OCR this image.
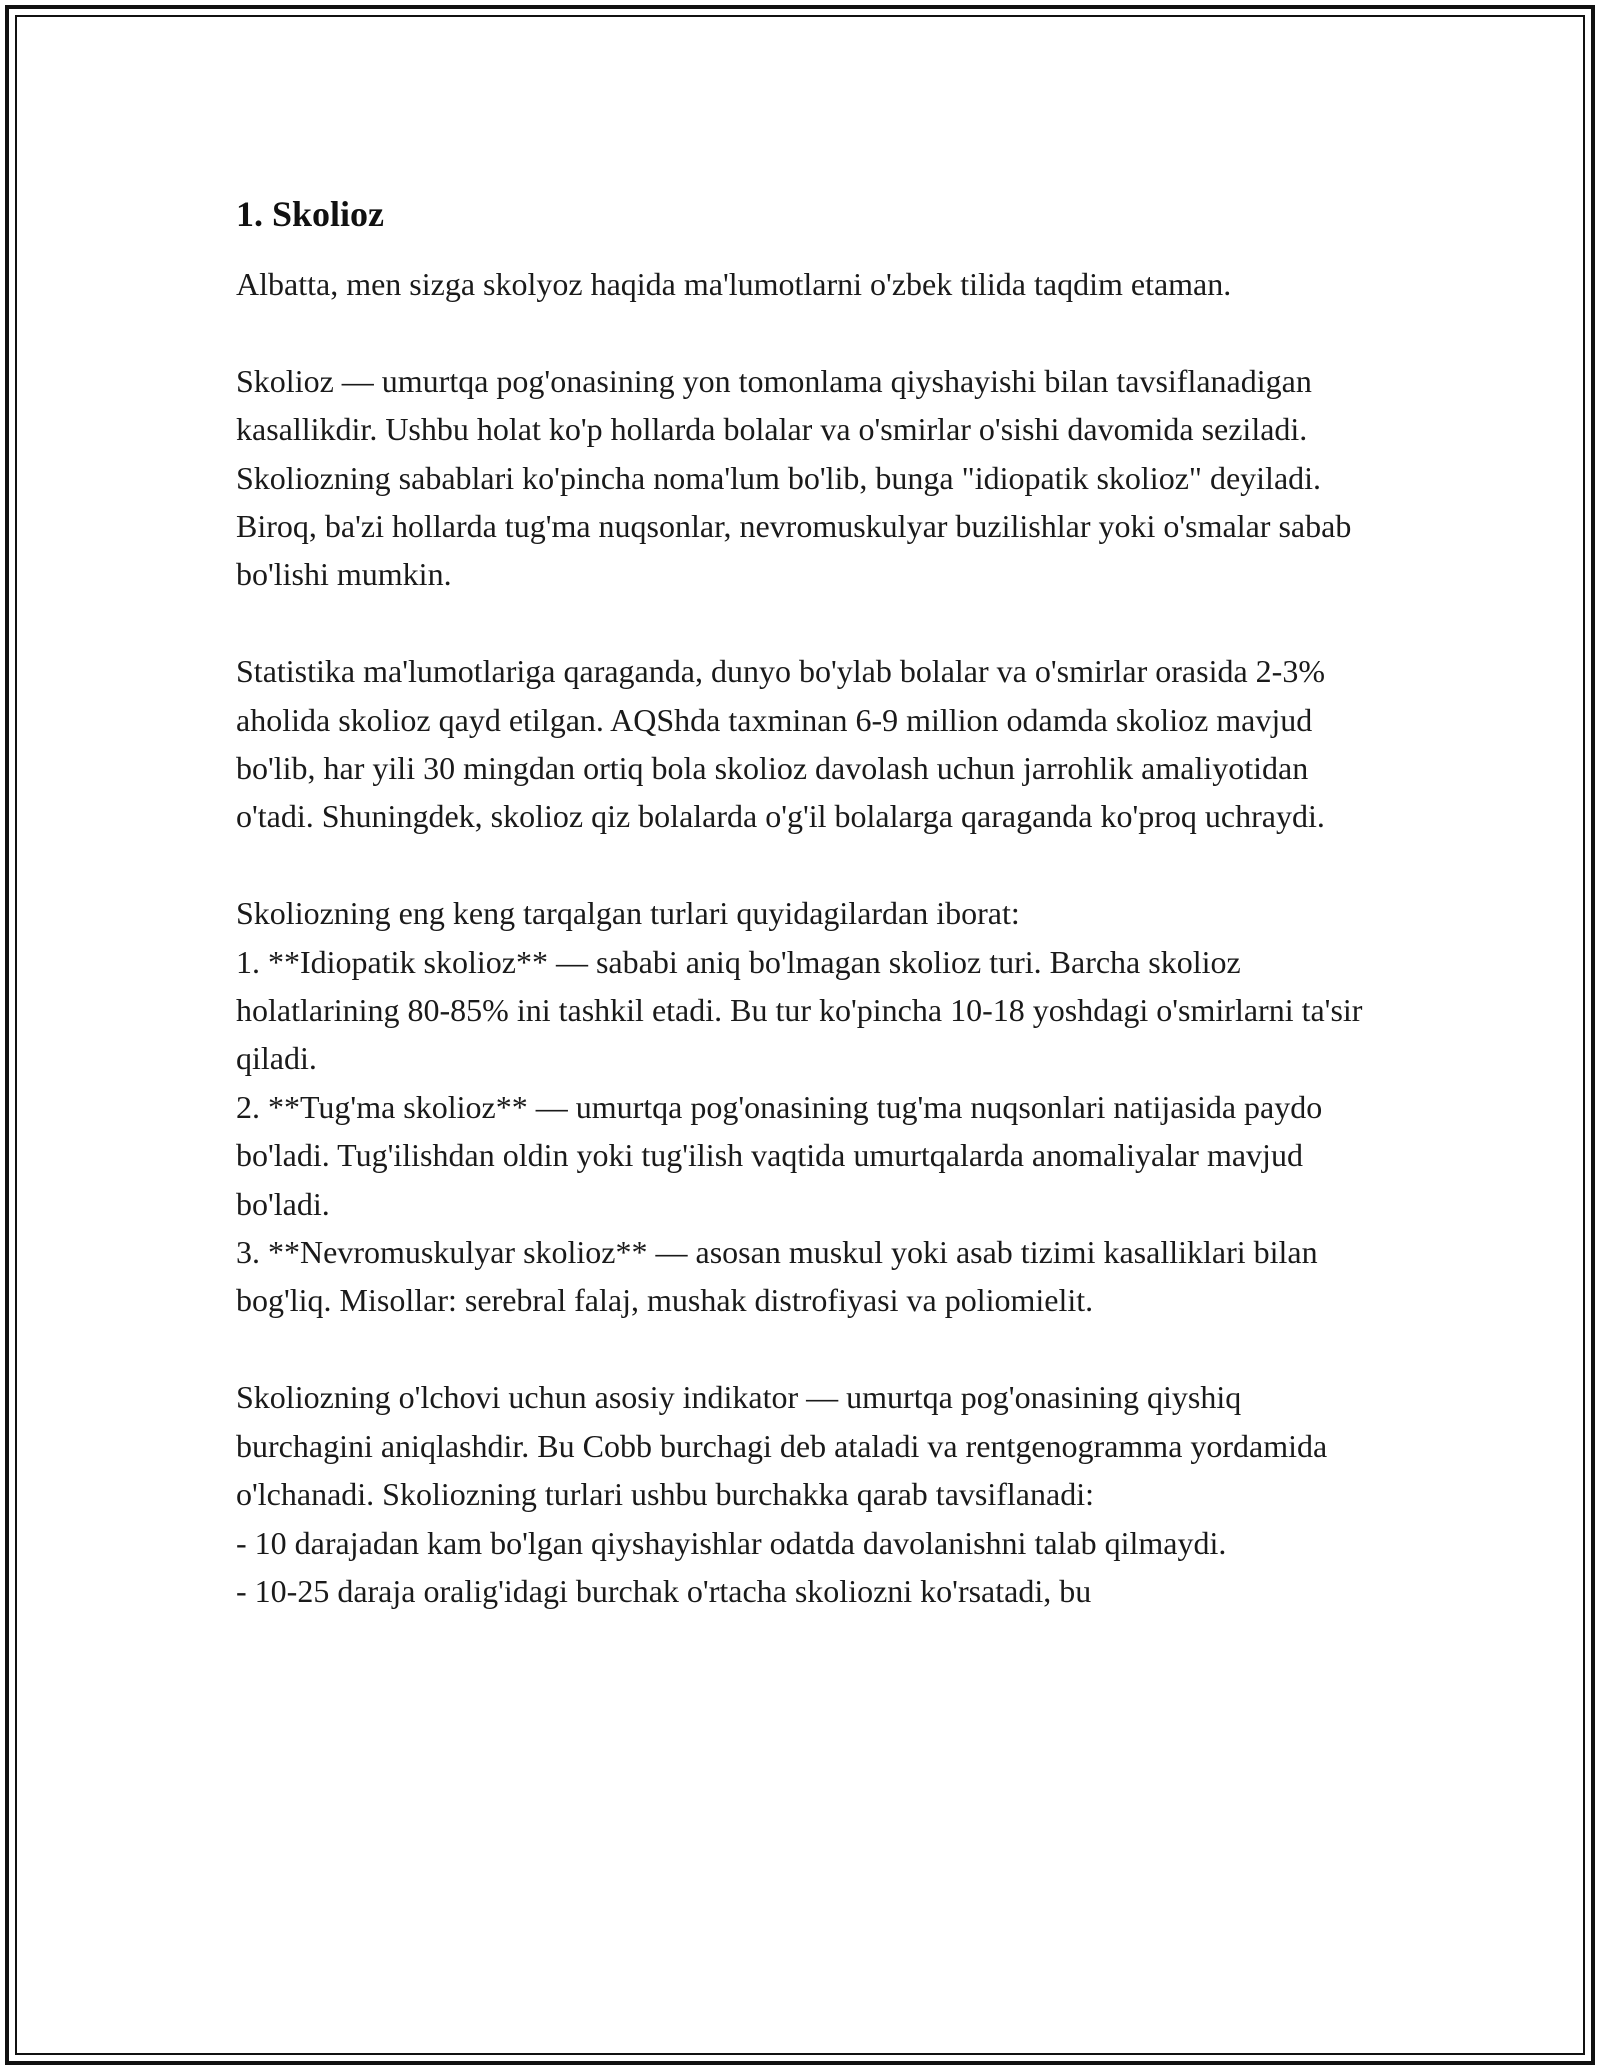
1. Skolioz

Albatta, men sizga skolyoz haqida ma'lumotlarni o'zbek tilida taqdim etaman.

Skolioz — umurtqa pog'onasining yon tomonlama qiyshayishi bilan tavsiflanadigan kasallikdir. Ushbu holat ko'p hollarda bolalar va o'smirlar o'sishi davomida seziladi. Skoliozning sabablari ko'pincha noma'lum bo'lib, bunga "idiopatik skolioz" deyiladi. Biroq, ba'zi hollarda tug'ma nuqsonlar, nevromuskulyar buzilishlar yoki o'smalar sabab bo'lishi mumkin.

Statistika ma'lumotlariga qaraganda, dunyo bo'ylab bolalar va o'smirlar orasida 2-3% aholida skolioz qayd etilgan. AQShda taxminan 6-9 million odamda skolioz mavjud bo'lib, har yili 30 mingdan ortiq bola skolioz davolash uchun jarrohlik amaliyotidan o'tadi. Shuningdek, skolioz qiz bolalarda o'g'il bolalarga qaraganda ko'proq uchraydi.

Skoliozning eng keng tarqalgan turlari quyidagilardan iborat:
1. **Idiopatik skolioz** — sababi aniq bo'lmagan skolioz turi. Barcha skolioz holatlarining 80-85% ini tashkil etadi. Bu tur ko'pincha 10-18 yoshdagi o'smirlarni ta'sir qiladi.
2. **Tug'ma skolioz** — umurtqa pog'onasining tug'ma nuqsonlari natijasida paydo bo'ladi. Tug'ilishdan oldin yoki tug'ilish vaqtida umurtqalarda anomaliyalar mavjud bo'ladi.
3. **Nevromuskulyar skolioz** — asosan muskul yoki asab tizimi kasalliklari bilan bog'liq. Misollar: serebral falaj, mushak distrofiyasi va poliomielit.

Skoliozning o'lchovi uchun asosiy indikator — umurtqa pog'onasining qiyshiq burchagini aniqlashdir. Bu Cobb burchagi deb ataladi va rentgenogramma yordamida o'lchanadi. Skoliozning turlari ushbu burchakka qarab tavsiflanadi:
- 10 darajadan kam bo'lgan qiyshayishlar odatda davolanishni talab qilmaydi.
- 10-25 daraja oralig'idagi burchak o'rtacha skoliozni ko'rsatadi, bu
